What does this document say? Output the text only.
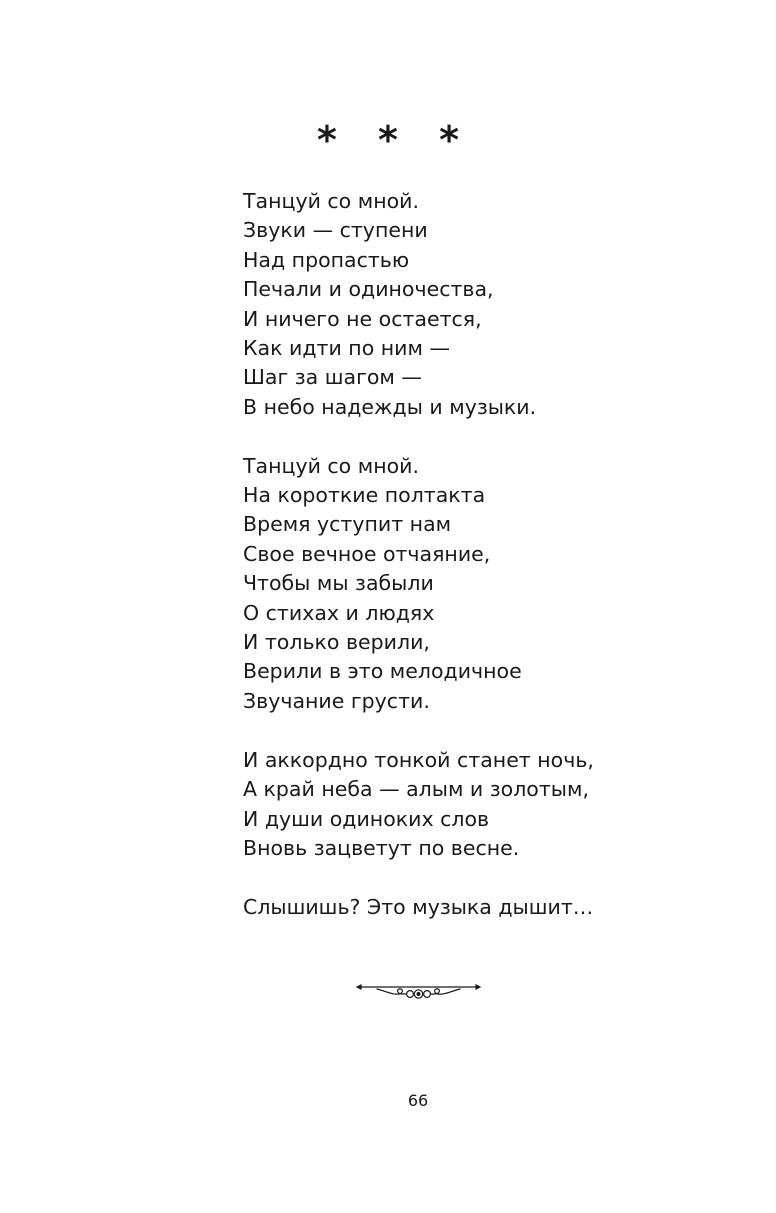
* * *
Танцуй со мной.
Звуки — ступени
Над пропастью
Печали и одиночества,
И ничего не остается,
Как идти по ним —
Шаг за шагом —
В небо надежды и музыки.
Танцуй со мной.
На короткие полтакта
Время уступит нам
Свое вечное отчаяние,
Чтобы мы забыли
О стихах и людях
И только верили,
Верили в это мелодичное
Звучание грусти.
И аккордно тонкой станет ночь,
А край неба — алым и золотым,
И души одиноких слов
Вновь зацветут по весне.
Слышишь? Это музыка дышит…
66
